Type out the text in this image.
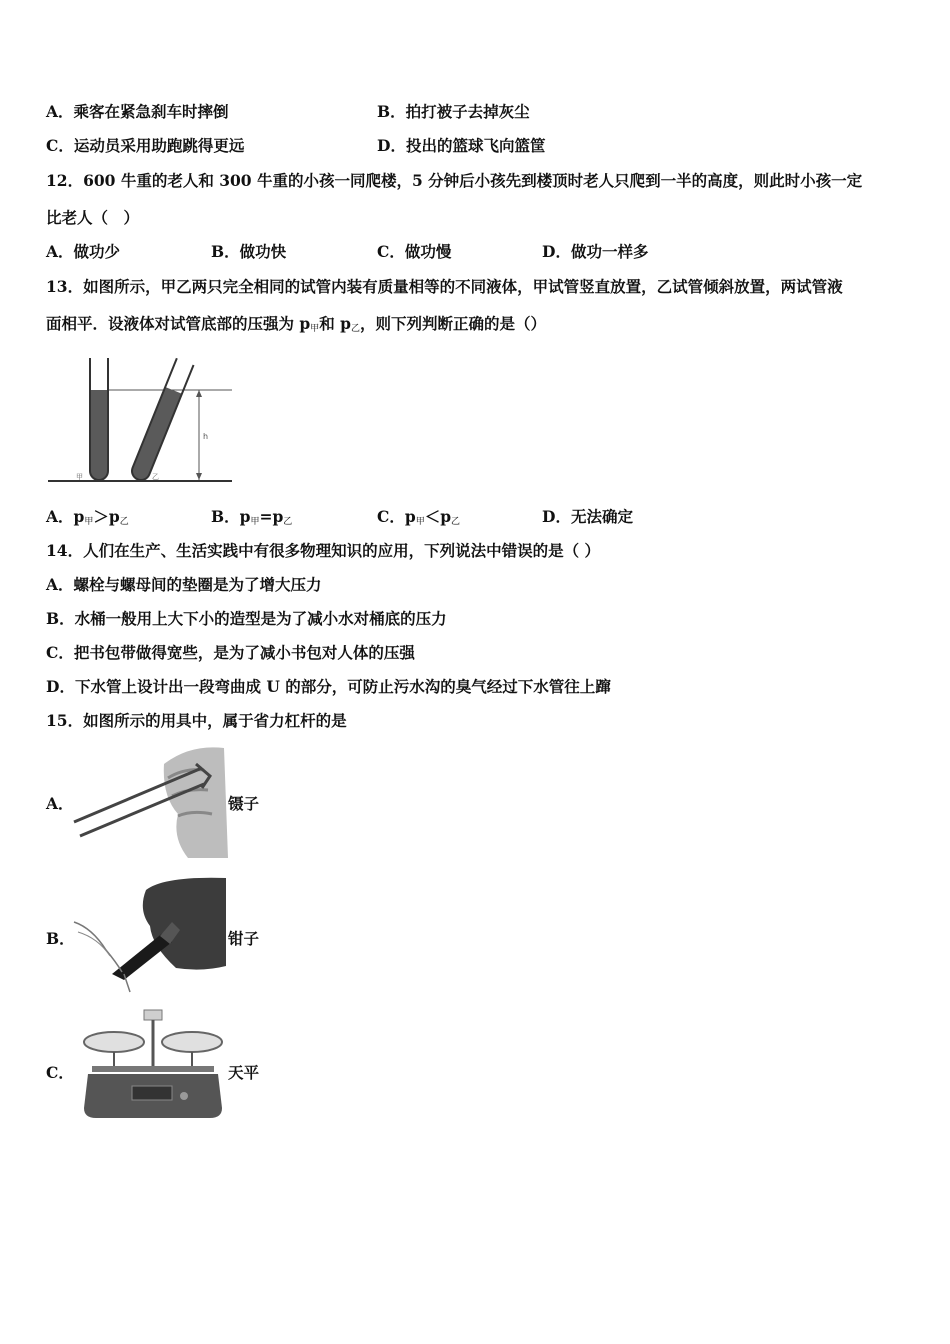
A．乘客在紧急刹车时摔倒	B．拍打被子去掉灰尘
C．运动员采用助跑跳得更远	D．投出的篮球飞向篮筐
12．600 牛重的老人和 300 牛重的小孩一同爬楼，5 分钟后小孩先到楼顶时老人只爬到一半的高度，则此时小孩一定
比老人（　）
A．做功少	B．做功快	C．做功慢	D．做功一样多
13．如图所示，甲乙两只完全相同的试管内装有质量相等的不同液体，甲试管竖直放置，乙试管倾斜放置，两试管液
面相平．设液体对试管底部的压强为 $p_甲$和 $p_乙$，则下列判断正确的是（）
h
甲	乙
A．$p_甲>p_乙$	B．$p_甲=p_乙$	C．$p_甲<p_乙$	D．无法确定
14．人们在生产、生活实践中有很多物理知识的应用，下列说法中错误的是（ ）
A．螺栓与螺母间的垫圈是为了增大压力
B．水桶一般用上大下小的造型是为了减小水对桶底的压力
C．把书包带做得宽些，是为了减小书包对人体的压强
D．下水管上设计出一段弯曲成 U 的部分，可防止污水沟的臭气经过下水管往上蹿
15．如图所示的用具中，属于省力杠杆的是
A．	镊子
B．	钳子
C．	天平
